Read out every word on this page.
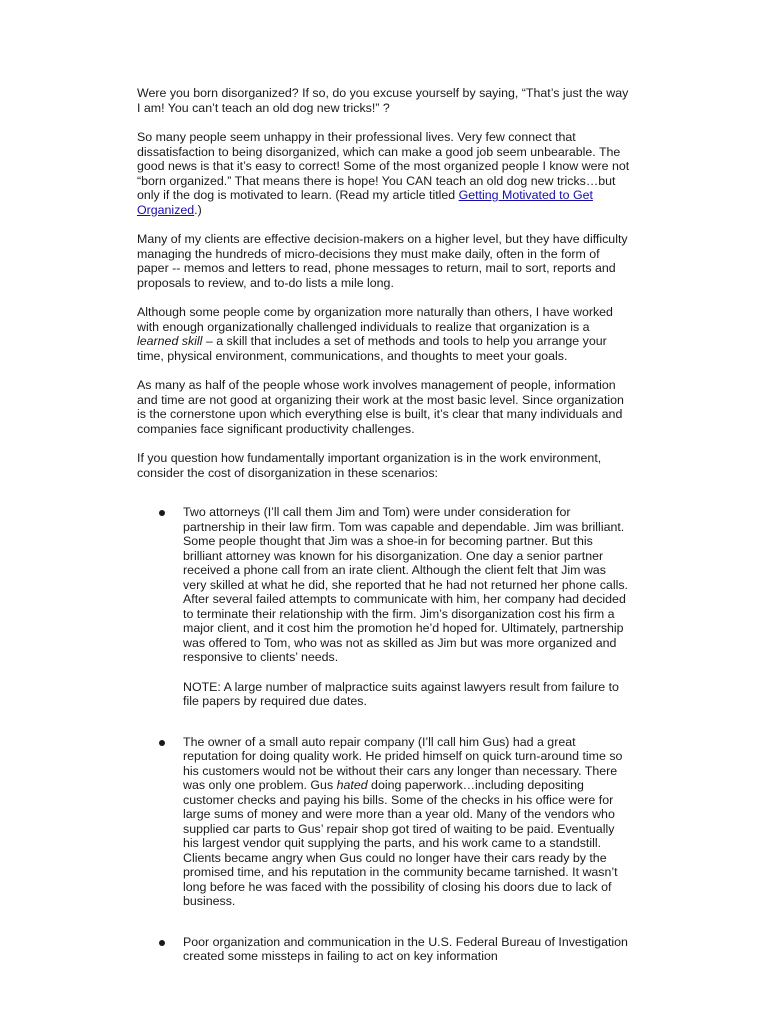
Were you born disorganized? If so, do you excuse yourself by saying, “That’s just the way I am! You can’t teach an old dog new tricks!” ?

So many people seem unhappy in their professional lives. Very few connect that dissatisfaction to being disorganized, which can make a good job seem unbearable. The good news is that it’s easy to correct! Some of the most organized people I know were not “born organized.” That means there is hope! You CAN teach an old dog new tricks…but only if the dog is motivated to learn. (Read my article titled Getting Motivated to Get Organized.)

Many of my clients are effective decision-makers on a higher level, but they have difficulty managing the hundreds of micro-decisions they must make daily, often in the form of paper -- memos and letters to read, phone messages to return, mail to sort, reports and proposals to review, and to-do lists a mile long.

Although some people come by organization more naturally than others, I have worked with enough organizationally challenged individuals to realize that organization is a learned skill – a skill that includes a set of methods and tools to help you arrange your time, physical environment, communications, and thoughts to meet your goals.

As many as half of the people whose work involves management of people, information and time are not good at organizing their work at the most basic level. Since organization is the cornerstone upon which everything else is built, it’s clear that many individuals and companies face significant productivity challenges.

If you question how fundamentally important organization is in the work environment, consider the cost of disorganization in these scenarios:

Two attorneys (I’ll call them Jim and Tom) were under consideration for partnership in their law firm. Tom was capable and dependable. Jim was brilliant. Some people thought that Jim was a shoe-in for becoming partner. But this brilliant attorney was known for his disorganization. One day a senior partner received a phone call from an irate client. Although the client felt that Jim was very skilled at what he did, she reported that he had not returned her phone calls. After several failed attempts to communicate with him, her company had decided to terminate their relationship with the firm. Jim’s disorganization cost his firm a major client, and it cost him the promotion he’d hoped for. Ultimately, partnership was offered to Tom, who was not as skilled as Jim but was more organized and responsive to clients’ needs.

NOTE: A large number of malpractice suits against lawyers result from failure to file papers by required due dates.

The owner of a small auto repair company (I’ll call him Gus) had a great reputation for doing quality work. He prided himself on quick turn-around time so his customers would not be without their cars any longer than necessary. There was only one problem. Gus hated doing paperwork…including depositing customer checks and paying his bills. Some of the checks in his office were for large sums of money and were more than a year old. Many of the vendors who supplied car parts to Gus’ repair shop got tired of waiting to be paid. Eventually his largest vendor quit supplying the parts, and his work came to a standstill. Clients became angry when Gus could no longer have their cars ready by the promised time, and his reputation in the community became tarnished. It wasn’t long before he was faced with the possibility of closing his doors due to lack of business.

Poor organization and communication in the U.S. Federal Bureau of Investigation created some missteps in failing to act on key information
